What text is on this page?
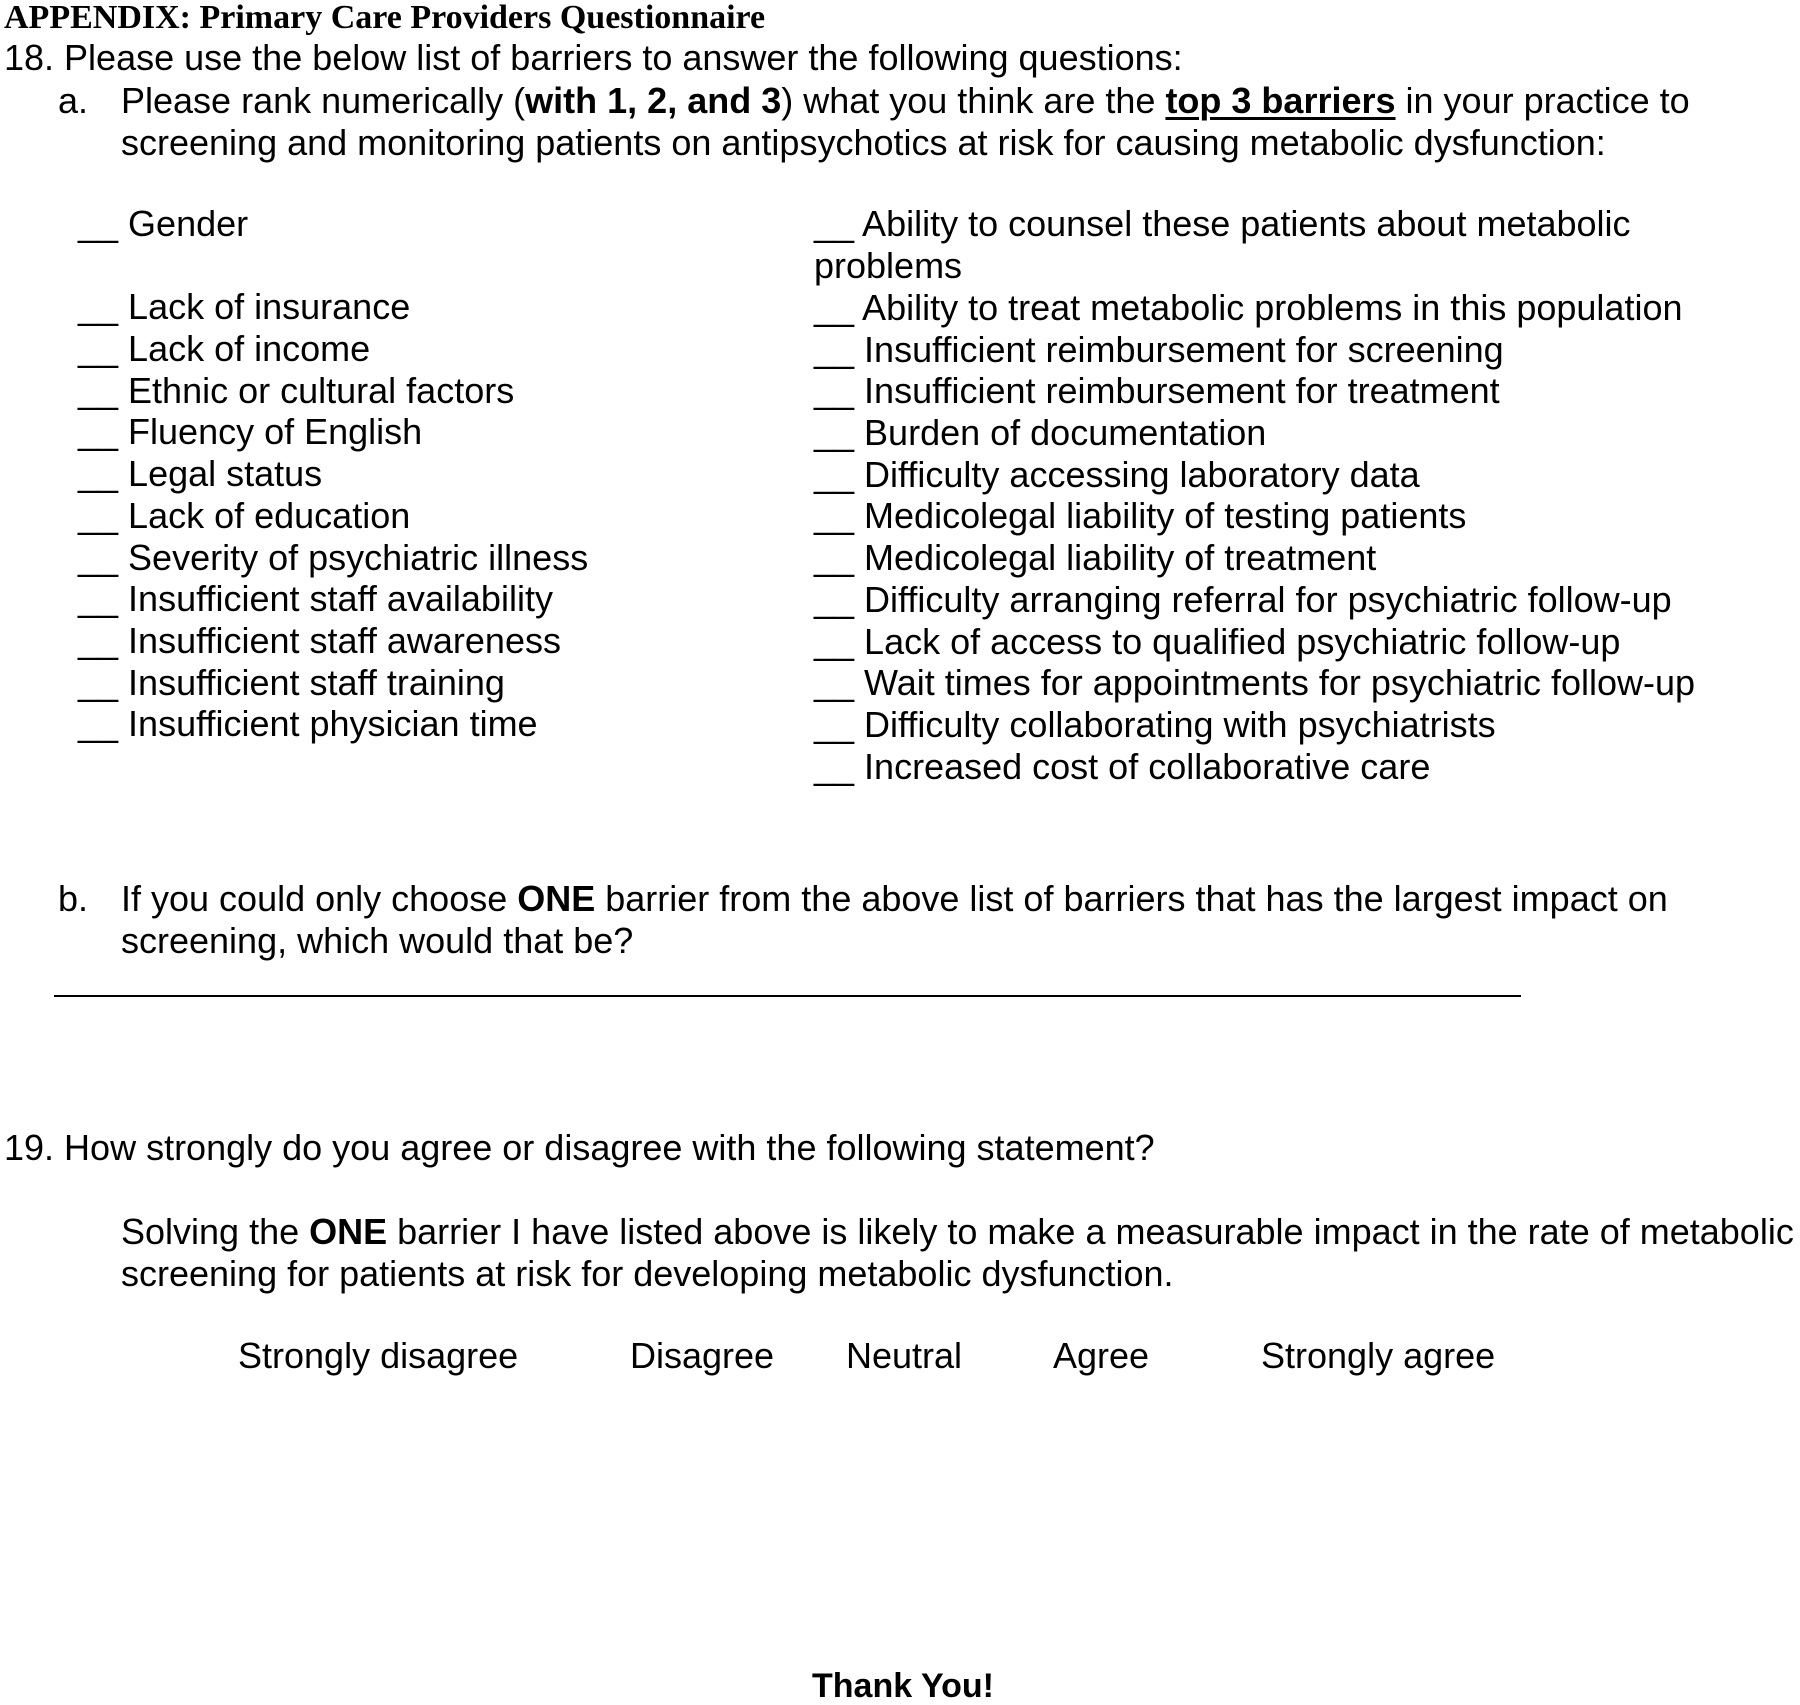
APPENDIX: Primary Care Providers Questionnaire
18. Please use the below list of barriers to answer the following questions:
a. Please rank numerically (with 1, 2, and 3) what you think are the top 3 barriers in your practice to screening and monitoring patients on antipsychotics at risk for causing metabolic dysfunction:
__ Gender
__ Lack of insurance
__ Lack of income
__ Ethnic or cultural factors
__ Fluency of English
__ Legal status
__ Lack of education
__ Severity of psychiatric illness
__ Insufficient staff availability
__ Insufficient staff awareness
__ Insufficient staff training
__ Insufficient physician time
__ Ability to counsel these patients about metabolic problems
__ Ability to treat metabolic problems in this population
__ Insufficient reimbursement for screening
__ Insufficient reimbursement for treatment
__ Burden of documentation
__ Difficulty accessing laboratory data
__ Medicolegal liability of testing patients
__ Medicolegal liability of treatment
__ Difficulty arranging referral for psychiatric follow-up
__ Lack of access to qualified psychiatric follow-up
__ Wait times for appointments for psychiatric follow-up
__ Difficulty collaborating with psychiatrists
__ Increased cost of collaborative care
b. If you could only choose ONE barrier from the above list of barriers that has the largest impact on screening, which would that be?
19. How strongly do you agree or disagree with the following statement?
Solving the ONE barrier I have listed above is likely to make a measurable impact in the rate of metabolic screening for patients at risk for developing metabolic dysfunction.
Strongly disagree	Disagree Neutral	Agree	Strongly agree
Thank You!
